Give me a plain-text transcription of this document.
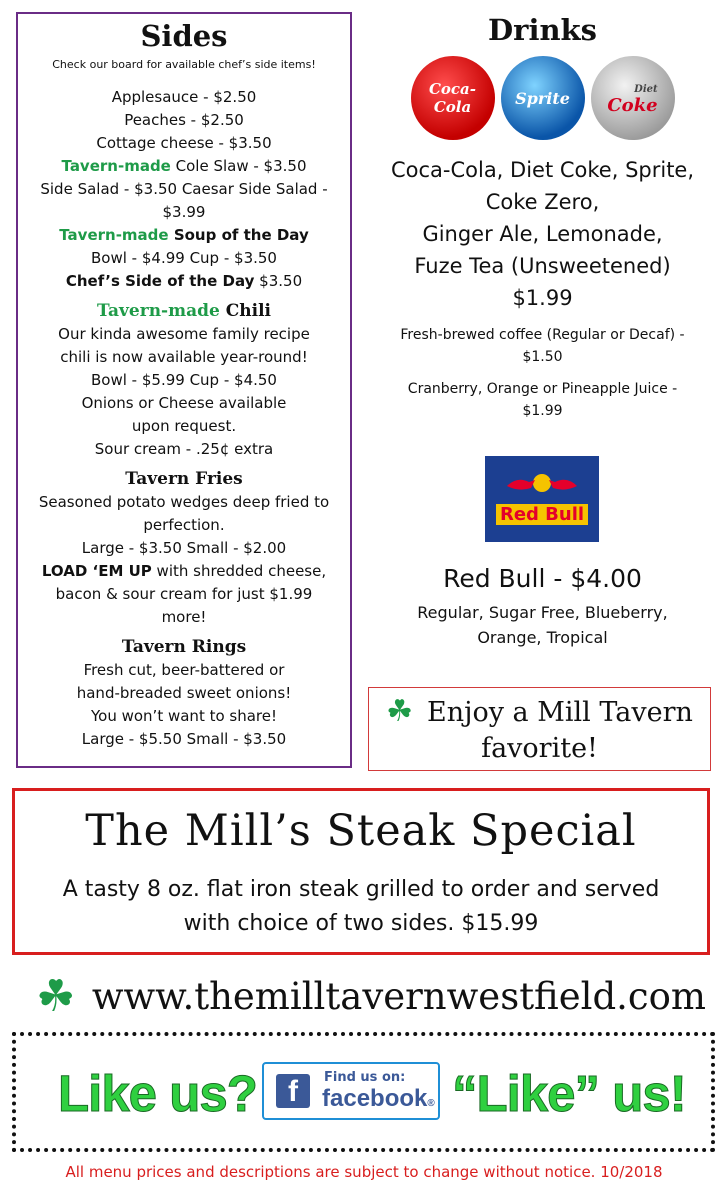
Sides
Check our board for available chef’s side items!
Applesauce - $2.50
Peaches - $2.50
Cottage cheese - $3.50
Tavern-made Cole Slaw - $3.50
Side Salad - $3.50 Caesar Side Salad -
$3.99
Tavern-made Soup of the Day
Bowl - $4.99 Cup - $3.50
Chef’s Side of the Day $3.50
Tavern-made Chili
Our kinda awesome family recipe
chili is now available year-round!
Bowl - $5.99 Cup - $4.50
Onions or Cheese available
upon request.
Sour cream - .25¢ extra
Tavern Fries
Seasoned potato wedges deep fried to
perfection.
Large - $3.50 Small - $2.00
LOAD ‘EM UP with shredded cheese,
bacon & sour cream for just $1.99
more!
Tavern Rings
Fresh cut, beer-battered or
hand-breaded sweet onions!
You won’t want to share!
Large - $5.50 Small - $3.50
Drinks
Coca-Cola	Sprite	Diet
Coke
Coca-Cola, Diet Coke, Sprite,
Coke Zero,
Ginger Ale, Lemonade,
Fuze Tea (Unsweetened)
$1.99
Fresh-brewed coffee (Regular or Decaf) -
$1.50
Cranberry, Orange or Pineapple Juice -
$1.99
Red Bull
Red Bull - $4.00
Regular, Sugar Free, Blueberry,
Orange, Tropical
☘ Enjoy a Mill Tavern
favorite!
The Mill’s Steak Special
A tasty 8 oz. flat iron steak grilled to order and served
with choice of two sides. $15.99
☘ www.themilltavernwestfield.com
Like us?	f	Find us on:
facebook® “Like” us!
All menu prices and descriptions are subject to change without notice. 10/2018
